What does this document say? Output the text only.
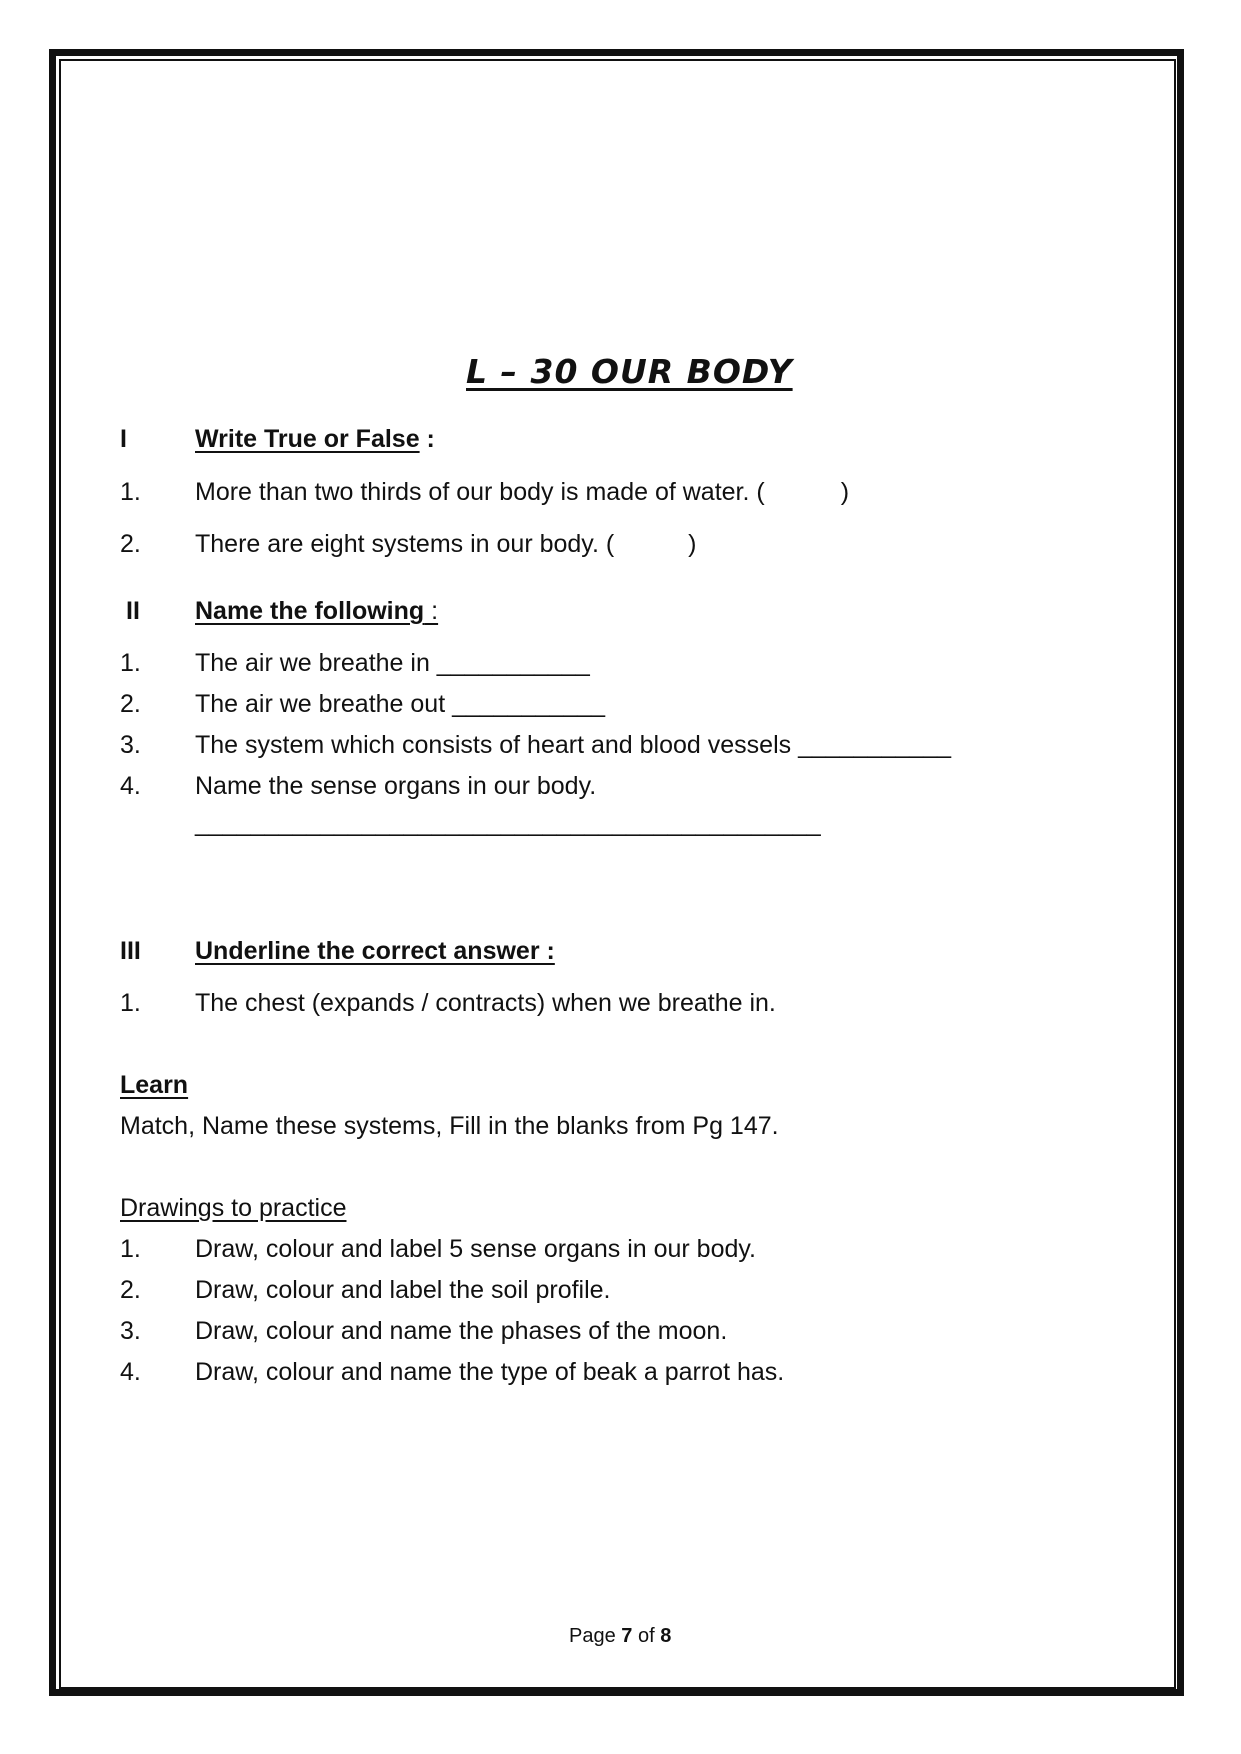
L – 30 OUR BODY
I	Write True or False :
1. More than two thirds of our body is made of water. (	)
2. There are eight systems in our body. (	)
II Name the following :
1. The air we breathe in ___________
2. The air we breathe out ___________
3. The system which consists of heart and blood vessels ___________
4. Name the sense organs in our body.
_____________________________________________
III Underline the correct answer :
1. The chest (expands / contracts) when we breathe in.
Learn
Match, Name these systems, Fill in the blanks from Pg 147.
Drawings to practice
1. Draw, colour and label 5 sense organs in our body.
2. Draw, colour and label the soil profile.
3. Draw, colour and name the phases of the moon.
4. Draw, colour and name the type of beak a parrot has.
Page 7 of 8
